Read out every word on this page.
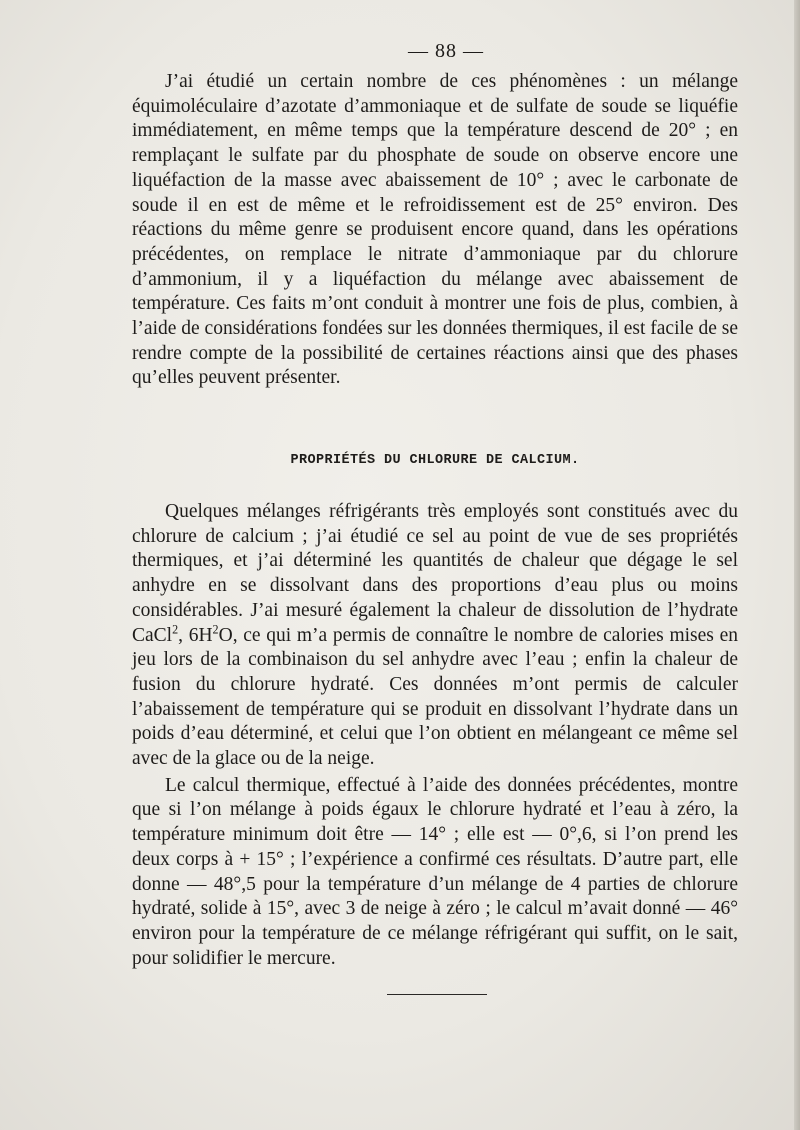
— 88 —

J’ai étudié un certain nombre de ces phénomènes : un mélange équimoléculaire d’azotate d’ammoniaque et de sulfate de soude se liquéfie immédiatement, en même temps que la température descend de 20° ; en remplaçant le sulfate par du phosphate de soude on observe encore une liquéfaction de la masse avec abaissement de 10° ; avec le carbonate de soude il en est de même et le refroidissement est de 25° environ. Des réactions du même genre se produisent encore quand, dans les opérations précédentes, on remplace le nitrate d’ammoniaque par du chlorure d’ammonium, il y a liquéfaction du mélange avec abaissement de température. Ces faits m’ont conduit à montrer une fois de plus, combien, à l’aide de considérations fondées sur les données thermiques, il est facile de se rendre compte de la possibilité de certaines réactions ainsi que des phases qu’elles peuvent présenter.

PROPRIÉTÉS DU CHLORURE DE CALCIUM.

Quelques mélanges réfrigérants très employés sont constitués avec du chlorure de calcium ; j’ai étudié ce sel au point de vue de ses propriétés thermiques, et j’ai déterminé les quantités de chaleur que dégage le sel anhydre en se dissolvant dans des proportions d’eau plus ou moins considérables. J’ai mesuré également la chaleur de dissolution de l’hydrate CaCl$^2$, $6H^2O$, ce qui m’a permis de connaître le nombre de calories mises en jeu lors de la combinaison du sel anhydre avec l’eau ; enfin la chaleur de fusion du chlorure hydraté. Ces données m’ont permis de calculer l’abaissement de température qui se produit en dissolvant l’hydrate dans un poids d’eau déterminé, et celui que l’on obtient en mélangeant ce même sel avec de la glace ou de la neige.

Le calcul thermique, effectué à l’aide des données précédentes, montre que si l’on mélange à poids égaux le chlorure hydraté et l’eau à zéro, la température minimum doit être — 14° ; elle est — 0°,6, si l’on prend les deux corps à + 15° ; l’expérience a confirmé ces résultats. D’autre part, elle donne — 48°,5 pour la température d’un mélange de 4 parties de chlorure hydraté, solide à 15°, avec 3 de neige à zéro ; le calcul m’avait donné — 46° environ pour la température de ce mélange réfrigérant qui suffit, on le sait, pour solidifier le mercure.
